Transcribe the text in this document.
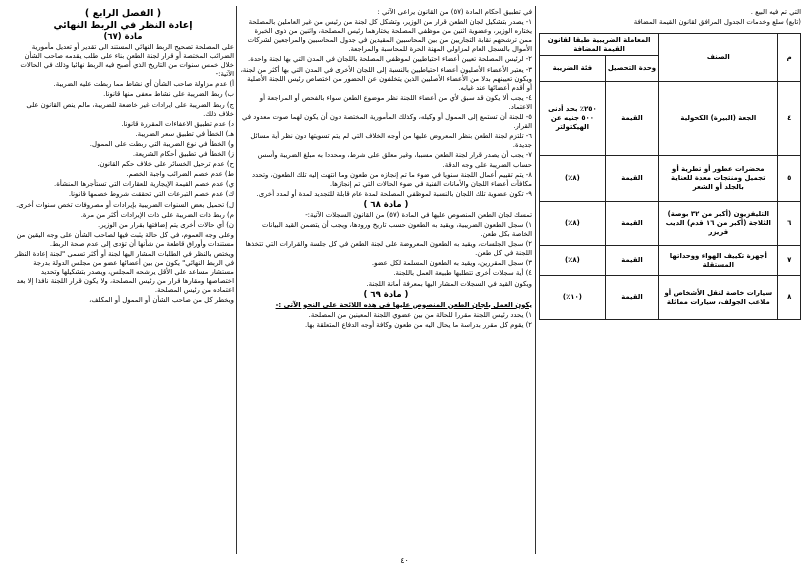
التي تم فيه البيع .

(تابع) سلع وخدمات الجدول المرافق لقانون القيمة المضافة

م	الصنف	المعاملة الضريبية طبقا لقانون القيمة المضافة	
		وحدة التحصيل	فئة الضريبة
٤	الجعة (البيرة) الكحولية	القيمة	٢٥٠٪ بحد أدنى ٥٠٠ جنيه عن الهيكتولتر
٥	محضرات عطور أو تطرية أو تجميل ومنتجات معدة للعناية بالجلد أو الشعر	القيمة	(٨٪)
٦	التليفزيون (أكبر من ٣٢ بوصة) الثلاجة (أكبر من ١٦ قدم) الديب فريزر	القيمة	(٨٪)
٧	أجهزة تكييف الهواء ووحداتها المستقلة	القيمة	(٨٪)
٨	سيارات خاصة لنقل الأشخاص أو ملاعب الجولف، سيارات مماثلة	القيمة	(١٠٪)

في تطبيق أحكام المادة (٥٧) من القانون يراعى الآتي :

١- يصدر بتشكيل لجان الطعن قرار من الوزير، وتشكل كل لجنة من رئيس من غير العاملين بالمصلحة يختاره الوزير، وعضوية اثنين من موظفي المصلحة يختارهما رئيس المصلحة، واثنين من ذوى الخبرة ممن ترشحهم نقابة التجاريين من بين المحاسبين المقيدين في جدول المحاسبين والمراجعين لشركات الأموال بالسجل العام لمزاولي المهنة الحرة للمحاسبة والمراجعة.

٢- لرئيس المصلحة تعيين أعضاء احتياطيين لموظفي المصلحة باللجان في المدن التي بها لجنة واحدة.

٣- يعتبر الأعضاء الأصليون أعضاء احتياطيين بالنسبة إلى اللجان الأخرى في المدن التي بها أكثر من لجنة، ويكون تعيينهم بدلا من الأعضاء الأصليين الذين يتخلفون عن الحضور من اختصاص رئيس اللجنة الأصلية أو أقدم أعضائها عند غيابه.

٤- يجب ألا يكون قد سبق لأي من أعضاء اللجنة نظر موضوع الطعن سواء بالفحص أو المراجعة أو الاعتماد.

٥- للجنة أن تستمع إلى الممول أو وكيله، وكذلك المأمورية المختصة دون أن يكون لهما صوت معدود في القرار.

٦- تلتزم لجنة الطعن بنظر المعروض عليها من أوجه الخلاف التي لم يتم تسويتها دون نظر أية مسائل جديدة.

٧- يجب أن يصدر قرار لجنة الطعن مسببا، وغير معلق على شرط، ومحددا به مبلغ الضريبة وأسس حساب الضريبة على وجه الدقة.

٨- يتم تقييم أعمال اللجنة سنويا في ضوء ما تم إنجازه من طعون وما انتهت إليه تلك الطعون، وتحدد مكافآت أعضاء اللجان والأمانات الفنية في ضوء الحالات التي تم إنجازها.

٩- تكون عضوية تلك اللجان بالنسبة لموظفي المصلحة لمدة عام قابلة للتجديد لمدة أو لمدد أخرى.

( مادة ٦٨ )

تمسك لجان الطعن المنصوص عليها في المادة (٥٧) من القانون السجلات الآتية:-

١) سجل الطعون الضريبية، ويقيد به الطعون حسب تاريخ ورودها، ويجب أن يتضمن القيد البيانات الخاصة بكل طعن.

٢) سجل الجلسات، ويقيد به الطعون المعروضة على لجنة الطعن في كل جلسة والقرارات التي تتخذها اللجنة في كل طعن.

٣) سجل المقررين، ويقيد به الطعون المسلمة لكل عضو.

٤) أية سجلات أخرى تتطلبها طبيعة العمل باللجنة.

ويكون القيد في السجلات المشار اليها بمعرفة أمانة اللجنة.

( مادة ٦٩ )

يكون العمل بلجان الطعن المنصوص عليها في هذه اللائحة على النحو الآتي :-

١) يحدد رئيس اللجنة مقررا للحالة من بين عضوي اللجنة المعينين من المصلحة.

٢) يقوم كل مقرر بدراسة ما يحال اليه من طعون وكافة أوجه الدفاع المتعلقة بها.

( الفصل الرابع )
إعادة النظر في الربط النهائي
مادة (٦٧)

على المصلحة تصحيح الربط النهائي المستند الى تقدير أو تعديل مأمورية الضرائب المختصة أو قرار لجنة الطعن بناء على طلب يقدمه صاحب الشأن خلال خمس سنوات من التاريخ الذي أصبح فيه الربط نهائيا وذلك في الحالات الآتية:-

أ) عدم مزاولة صاحب الشأن أي نشاط مما ربطت عليه الضريبة.

ب) ربط الضريبة على نشاط معفى منها قانونا.

ج) ربط الضريبة على ايرادات غير خاضعة للضريبة، مالم ينص القانون على خلاف ذلك.

د) عدم تطبيق الاعفاءات المقررة قانونا.

هـ) الخطأ في تطبيق سعر الضريبة.

و) الخطأ في نوع الضريبة التي ربطت على الممول.

ز) الخطأ في تطبيق أحكام الشريعة.

ح) عدم ترحيل الخسائر على خلاف حكم القانون.

ط) عدم خصم الضرائب واجبة الخصم.

ي) عدم خصم القيمة الإيجارية للعقارات التي تستأجرها المنشأة.

ك) عدم خصم التبرعات التي تحققت شروط خصمها قانونا.

ل) تحميل بعض السنوات الضريبية بإيرادات أو مصروفات تخص سنوات أخرى.

م) ربط ذات الضريبة على ذات الإيرادات أكثر من مرة.

ن) أي حالات أخرى يتم إضافتها بقرار من الوزير.

وعلى وجه العموم، في كل حالة يثبت فيها لصاحب الشأن على وجه اليقين من مستندات وأوراق قاطعة من شأنها أن تؤدى إلى عدم صحة الربط.

ويختص بالنظر في الطلبات المشار اليها لجنة أو أكثر تسمى "لجنة إعادة النظر في الربط النهائي" يكون من بين أعضائها عضو من مجلس الدولة بدرجة مستشار مساعد على الأقل يرشحه المجلس، ويصدر بتشكيلها وتحديد اختصاصها ومقارها قرار من رئيس المصلحة، ولا يكون قرار اللجنة نافذا إلا بعد اعتماده من رئيس المصلحة.

ويخطر كل من صاحب الشأن أو الممول أو المكلف،

٤٠
